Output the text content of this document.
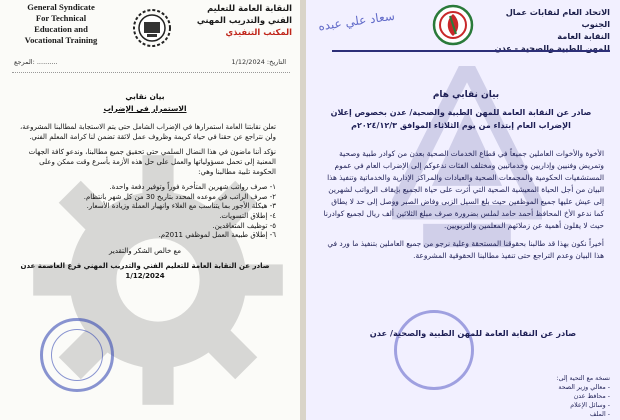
General Syndicate
For Technical
Education and
Vocational Training
النقابة العامة للتعليم
الفني والتدريب المهني
المكتب التنفيذي
التاريخ: 1/12/2024
المرجع: ..........

بيان نقابي

الاستمرار في الإضراب

تعلن نقابتنا العامة استمرارها في الإضراب الشامل حتى يتم الاستجابة لمطالبنا المشروعة، ولن نتراجع عن حقنا في حياة كريمة وظروف عمل لائقة تضمن لنا كرامة المعلم الفني.

نؤكد أننا ماضون في هذا النضال السلمي حتى تحقيق جميع مطالبنا، وندعو كافة الجهات المعنية إلى تحمل مسؤولياتها والعمل على حل هذه الأزمة بأسرع وقت ممكن وعلى الحكومة تلبية مطالبنا وهي:

١- صرف رواتب شهرين المتأخرة فوراً وتوفير دفعة واحدة.
٢- صرف الراتب في موعده المحدد بتاريخ 30 من كل شهر بانتظام.
٣- هيكلة الأجور بما يتناسب مع الغلاء وانهيار العملة وزيادة الأسعار.
٤- إطلاق التسويات.
٥- توظيف المتعاقدين.
٦- إطلاق طبيعة العمل لموظفي 2011م.

مع خالص الشكر والتقدير

صادر عن النقابة العامة للتعليم الفني والتدريب المهني فرع العاصمة عدن

1/12/2024

سعاد علي عبده	الاتحاد العام لنقابات عمال الجنوب
النقابة العامة
للمهن الطبية والصحية - عدن
بيان نقابي هام
صادر عن النقابة العامة للمهن الطبية والصحية/ عدن بخصوص إعلان الإضراب العام إبتداء من يوم الثلاثاء الموافق ٢٠٢٤/١٢/٣م

الأخوة والأخوات العاملين جميعاً في قطاع الخدمات الصحية بعدن من كوادر طبية وصحية وتمريض وفنيين وإداريين وخدماتيين ومختلف الفئات ندعوكم إلى الإضراب العام في عموم المستشفيات الحكومية والمجمعات الصحية والعيادات والمراكز الإدارية والخدماتية وتنفيذ هذا البيان من أجل الحياة المعيشية الصحية التي أثرت على حياة الجميع بإيقاف الرواتب لشهرين إلى عيش عليها جميع الموظفين حيث بلغ السيل الزبى وفاض الصبر ووصل إلى حد لا يطاق كما ندعو الأخ المحافظ أحمد حامد لملس بضرورة صرف مبلغ الثلاثين ألف ريال لجميع كوادرنا حيث لا يقلون أهمية عن زملائهم المعلمين والتربويين.

أخيراً نكون بهذا قد طالبنا بحقوقنا المستحقة وعلية نرجو من جميع العاملين بتنفيذ ما ورد في هذا البيان وعدم التراجع حتى تنفيذ مطالبنا الحقوقية المشروعة.

صادر عن النقابة العامة للمهن الطبية والصحية/ عدن
نسخة مع التحية إلى:
- معالي وزير الصحة
- محافظ عدن
- وسائل الإعلام
- الملف
